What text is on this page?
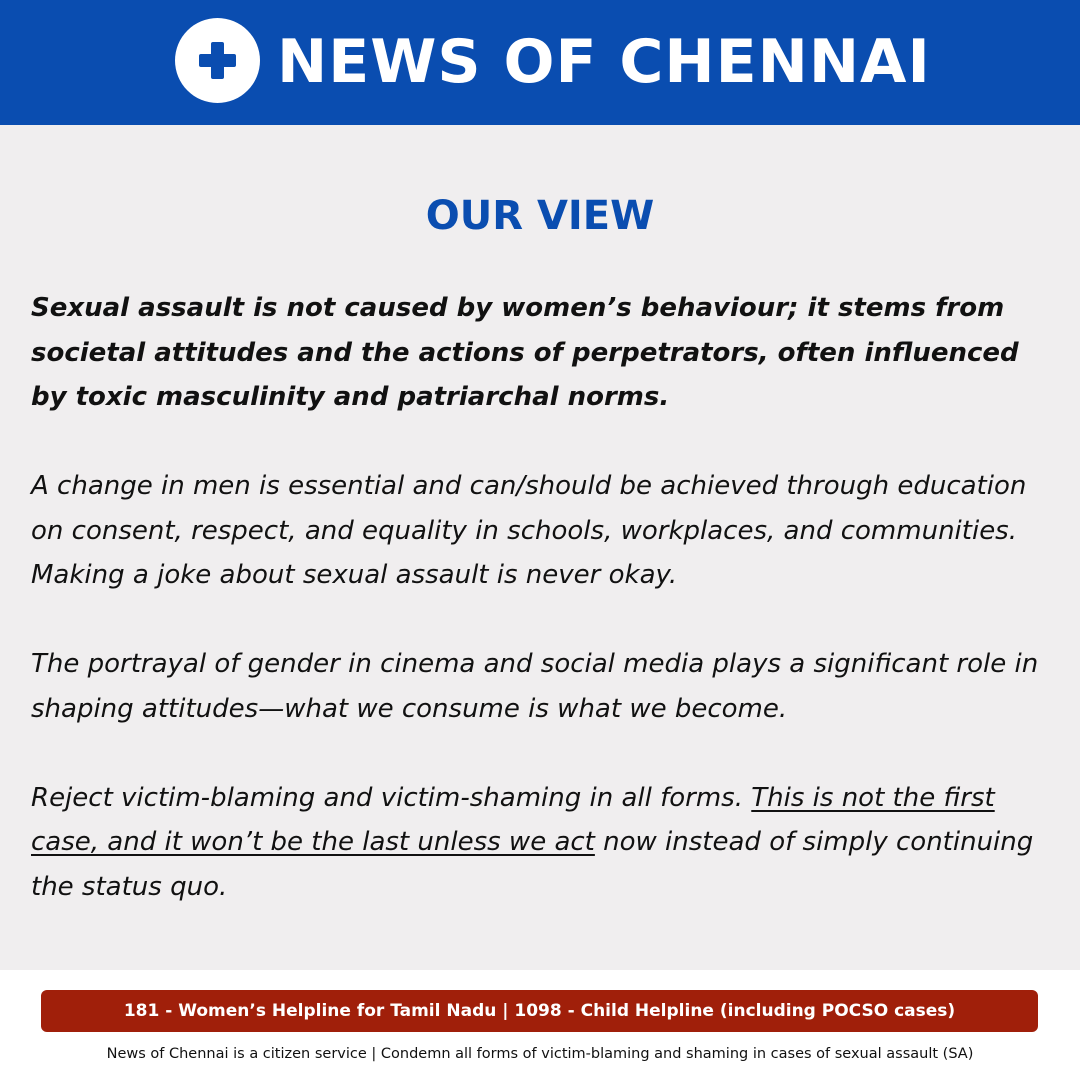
NEWS OF CHENNAI
OUR VIEW

Sexual assault is not caused by women’s behaviour; it stems from societal attitudes and the actions of perpetrators, often influenced by toxic masculinity and patriarchal norms.

A change in men is essential and can/should be achieved through education on consent, respect, and equality in schools, workplaces, and communities. Making a joke about sexual assault is never okay.

The portrayal of gender in cinema and social media plays a significant role in shaping attitudes—what we consume is what we become.

Reject victim-blaming and victim-shaming in all forms. This is not the first case, and it won’t be the last unless we act now instead of simply continuing the status quo.

181 - Women’s Helpline for Tamil Nadu | 1098 - Child Helpline (including POCSO cases)
News of Chennai is a citizen service | Condemn all forms of victim-blaming and shaming in cases of sexual assault (SA)
